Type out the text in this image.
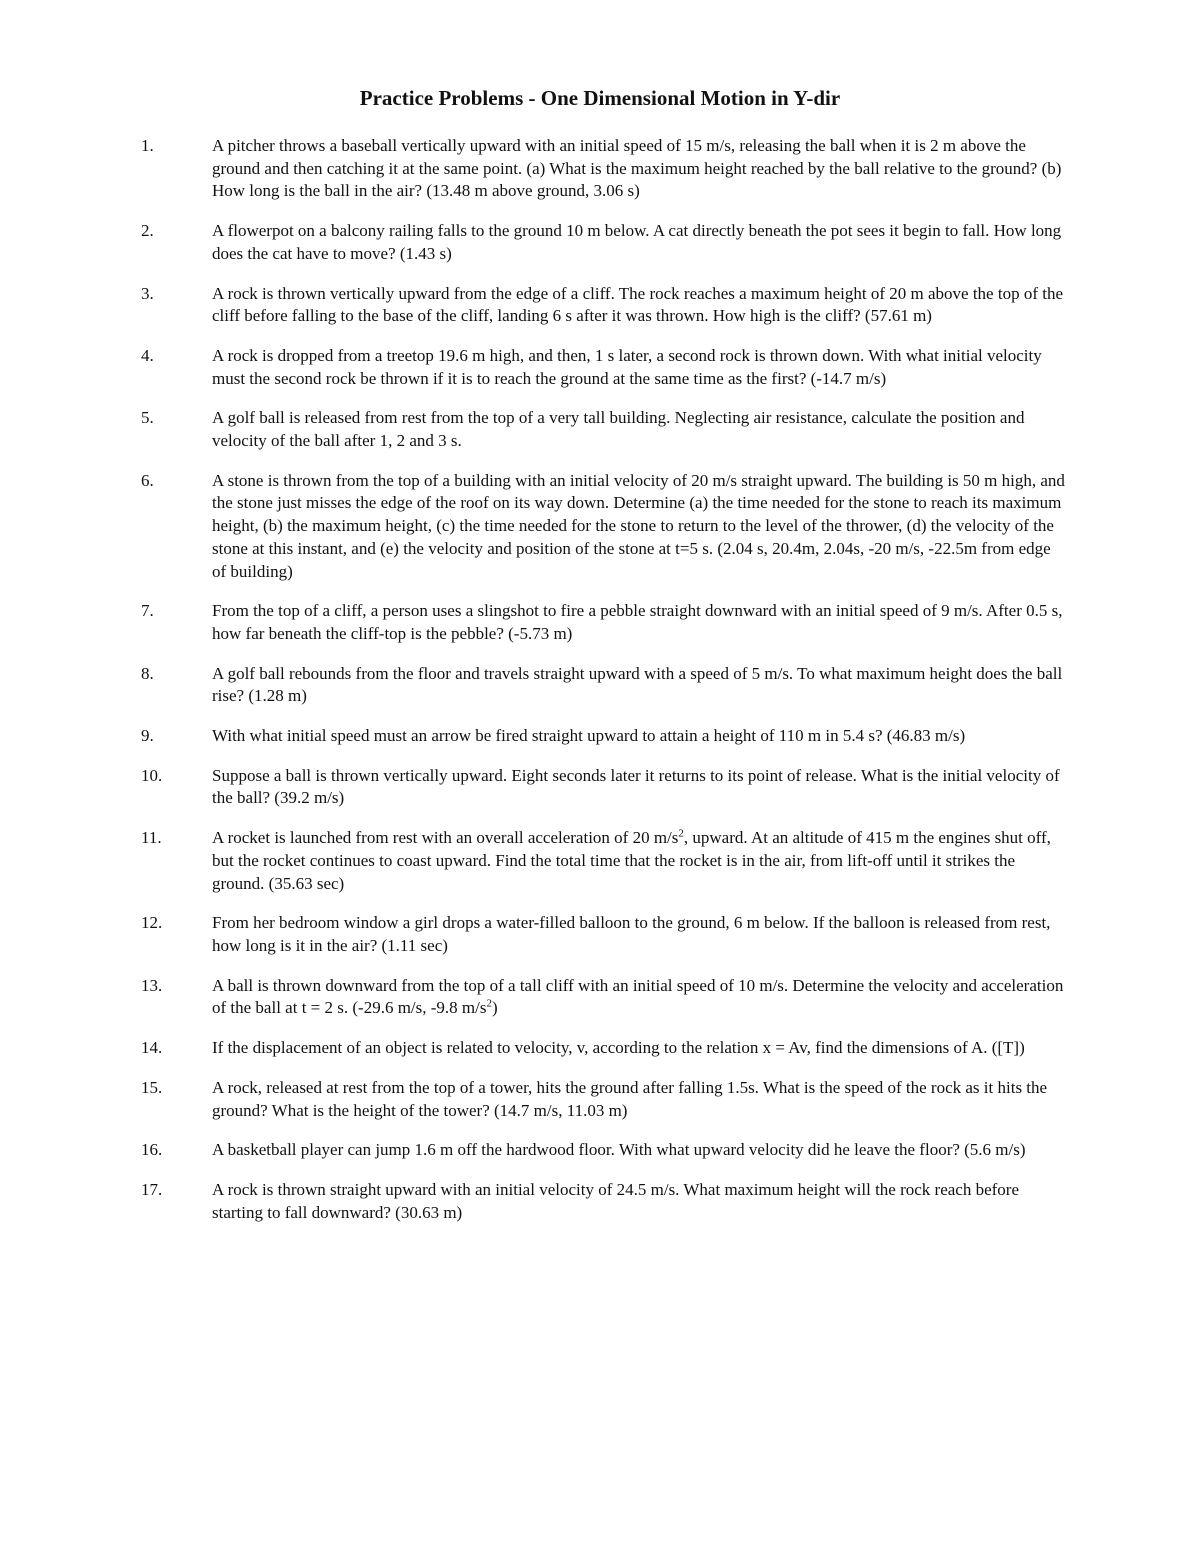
Practice Problems - One Dimensional Motion in Y-dir
1.	A pitcher throws a baseball vertically upward with an initial speed of 15 m/s, releasing the ball when it is 2 m above the ground and then catching it at the same point. (a) What is the maximum height reached by the ball relative to the ground? (b) How long is the ball in the air? (13.48 m above ground, 3.06 s)
2.	A flowerpot on a balcony railing falls to the ground 10 m below. A cat directly beneath the pot sees it begin to fall. How long does the cat have to move? (1.43 s)
3.	A rock is thrown vertically upward from the edge of a cliff. The rock reaches a maximum height of 20 m above the top of the cliff before falling to the base of the cliff, landing 6 s after it was thrown. How high is the cliff? (57.61 m)
4.	A rock is dropped from a treetop 19.6 m high, and then, 1 s later, a second rock is thrown down. With what initial velocity must the second rock be thrown if it is to reach the ground at the same time as the first? (-14.7 m/s)
5.	A golf ball is released from rest from the top of a very tall building. Neglecting air resistance, calculate the position and velocity of the ball after 1, 2 and 3 s.
6.	A stone is thrown from the top of a building with an initial velocity of 20 m/s straight upward. The building is 50 m high, and the stone just misses the edge of the roof on its way down. Determine (a) the time needed for the stone to reach its maximum height, (b) the maximum height, (c) the time needed for the stone to return to the level of the thrower, (d) the velocity of the stone at this instant, and (e) the velocity and position of the stone at t=5 s. (2.04 s, 20.4m, 2.04s, -20 m/s, -22.5m from edge of building)
7.	From the top of a cliff, a person uses a slingshot to fire a pebble straight downward with an initial speed of 9 m/s. After 0.5 s, how far beneath the cliff-top is the pebble? (-5.73 m)
8.	A golf ball rebounds from the floor and travels straight upward with a speed of 5 m/s. To what maximum height does the ball rise? (1.28 m)
9.	With what initial speed must an arrow be fired straight upward to attain a height of 110 m in 5.4 s? (46.83 m/s)
10.	Suppose a ball is thrown vertically upward. Eight seconds later it returns to its point of release. What is the initial velocity of the ball? (39.2 m/s)
11.	A rocket is launched from rest with an overall acceleration of 20 $m/s^2$, upward. At an altitude of 415 m the engines shut off, but the rocket continues to coast upward. Find the total time that the rocket is in the air, from lift-off until it strikes the ground. (35.63 sec)
12.	From her bedroom window a girl drops a water-filled balloon to the ground, 6 m below. If the balloon is released from rest, how long is it in the air? (1.11 sec)
13.	A ball is thrown downward from the top of a tall cliff with an initial speed of 10 m/s. Determine the velocity and acceleration of the ball at t = 2 s. (-29.6 m/s, -9.8 $m/s^2$)
14.	If the displacement of an object is related to velocity, v, according to the relation x = Av, find the dimensions of A. ([T])
15.	A rock, released at rest from the top of a tower, hits the ground after falling 1.5s. What is the speed of the rock as it hits the ground? What is the height of the tower? (14.7 m/s, 11.03 m)
16.	A basketball player can jump 1.6 m off the hardwood floor. With what upward velocity did he leave the floor? (5.6 m/s)
17.	A rock is thrown straight upward with an initial velocity of 24.5 m/s. What maximum height will the rock reach before starting to fall downward? (30.63 m)
